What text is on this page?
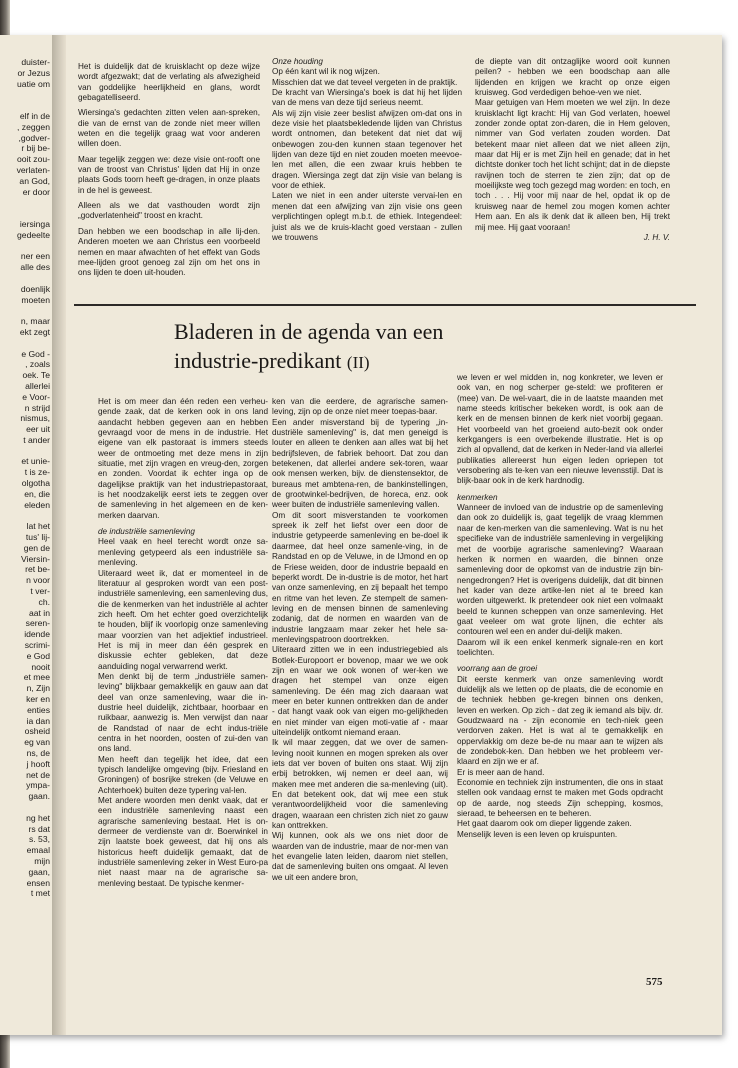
duister-
or Jezus
uatie om
elf in de
, zeggen
,godver-
r bij be-
ooit zou-
verlaten-
an God,
er door
iersinga
gedeelte
ner een
alle des
doenlijk
moeten
n, maar
ekt zegt
e God -
, zoals
oek. Te
allerlei
e Voor-
n strijd
nismus,
eer uit
t ander
et unie-
t is ze-
olgotha
en, die
eleden
lat het
tus' lij-
gen de
Viersin-
ret be-
n voor
t ver-
ch.
aat in
seren-
idende
scrimi-
e God
nooit
et mee
n, Zijn
ker en
enties
ia dan
osheid
eg van
ns, de
j hooft
net de
ympa-
gaan.
ng het
rs dat
s. 53,
emaal
mijn
gaan,
ensen
t met

Het is duidelijk dat de kruisklacht op deze wijze wordt afgezwakt; dat de verlating als afwezigheid van goddelijke heerlijkheid en glans, wordt gebagatelliseerd.

Wiersinga's gedachten zitten velen aan-spreken, die van de ernst van de zonde niet meer willen weten en die tegelijk graag wat voor anderen willen doen.

Maar tegelijk zeggen we: deze visie ont-rooft one van de troost van Christus' lijden dat Hij in onze plaats Gods toorn heeft ge-dragen, in onze plaats in de hel is geweest.

Alleen als we dat vasthouden wordt zijn „godverlatenheid" troost en kracht.

Dan hebben we een boodschap in alle lij-den. Anderen moeten we aan Christus een voorbeeld nemen en maar afwachten of het effekt van Gods mee-lijden groot genoeg zal zijn om het ons in ons lijden te doen uit-houden.

Onze houding

Op één kant wil ik nog wijzen.

Misschien dat we dat teveel vergeten in de praktijk.

De kracht van Wiersinga's boek is dat hij het lijden van de mens van deze tijd serieus neemt.

Als wij zijn visie zeer beslist afwijzen om-dat ons in deze visie het plaatsbekledende lijden van Christus wordt ontnomen, dan betekent dat niet dat wij onbewogen zou-den kunnen staan tegenover het lijden van deze tijd en niet zouden moeten meevoe-len met allen, die een zwaar kruis hebben te dragen. Wiersinga zegt dat zijn visie van belang is voor de ethiek.

Laten we niet in een ander uiterste vervai-len en menen dat een afwijzing van zijn visie ons geen verplichtingen oplegt m.b.t. de ethiek. Integendeel: juist als we de kruis-klacht goed verstaan - zullen we trouwens

de diepte van dit ontzaglijke woord ooit kunnen peilen? - hebben we een boodschap aan alle lijdenden en krijgen we kracht op onze eigen kruisweg. God verdedigen behoe-ven we niet.

Maar getuigen van Hem moeten we wel zijn. In deze kruisklacht ligt kracht: Hij van God verlaten, hoewel zonder zonde optat zon-daren, die in Hem geloven, nimmer van God verlaten zouden worden. Dat betekent maar niet alleen dat we niet alleen zijn, maar dat Hij er is met Zijn heil en genade; dat in het dichtste donker toch het licht schijnt; dat in de diepste ravijnen toch de sterren te zien zijn; dat op de moeilijkste weg toch gezegd mag worden: en toch, en toch . . . Hij voor mij naar de hel, opdat ik op de kruisweg naar de hemel zou mogen komen achter Hem aan. En als ik denk dat ik alleen ben, Hij trekt mij mee. Hij gaat vooraan!

J. H. V.

Bladeren in de agenda van een
industrie-predikant (II)

Het is om meer dan één reden een verheu-gende zaak, dat de kerken ook in ons land aandacht hebben gegeven aan en hebben gevraagd voor de mens in de industrie. Het eigene van elk pastoraat is immers steeds weer de ontmoeting met deze mens in zijn situatie, met zijn vragen en vreug-den, zorgen en zonden. Voordat ik echter inga op de dagelijkse praktijk van het industriepastoraat, is het noodzakelijk eerst iets te zeggen over de samenleving in het algemeen en de ken-merken daarvan.

de industriële samenleving

Heel vaak en heel terecht wordt onze sa-menleving getypeerd als een industriële sa-menleving.

Uiteraard weet ik, dat er momenteel in de literatuur al gesproken wordt van een post-industriële samenleving, een samenleving dus, die de kenmerken van het industriële al achter zich heeft. Om het echter goed overzichtelijk te houden, blijf ik voorlopig onze samenleving maar voorzien van het adjektief industrieel. Het is mij in meer dan één gesprek en diskussie echter gebleken, dat deze aanduiding nogal verwarrend werkt.

Men denkt bij de term „industriële samen-leving" blijkbaar gemakkelijk en gauw aan dat deel van onze samenleving, waar die in-dustrie heel duidelijk, zichtbaar, hoorbaar en ruikbaar, aanwezig is. Men verwijst dan naar de Randstad of naar de echt indus-triële centra in het noorden, oosten of zui-den van ons land.

Men heeft dan tegelijk het idee, dat een typisch landelijke omgeving (bijv. Friesland en Groningen) of bosrijke streken (de Veluwe en Achterhoek) buiten deze typering val-len.

Met andere woorden men denkt vaak, dat er een industriële samenleving naast een agrarische samenleving bestaat. Het is on-dermeer de verdienste van dr. Boerwinkel in zijn laatste boek geweest, dat hij ons als historicus heeft duidelijk gemaakt, dat de industriële samenleving zeker in West Euro-pa niet naast maar na de agrarische sa-menleving bestaat. De typische kenmer-

ken van die eerdere, de agrarische samen-leving, zijn op de onze niet meer toepas-baar.

Een ander misverstand bij de typering „in-dustriële samenleving" is, dat men geneigd is louter en alleen te denken aan alles wat bij het bedrijfsleven, de fabriek behoort. Dat zou dan betekenen, dat allerlei andere sek-toren, waar ook mensen werken, bijv. de dienstensektor, de bureaus met ambtena-ren, de bankinstellingen, de grootwinkel-bedrijven, de horeca, enz. ook weer buiten de industriële samenleving vallen.

Om dit soort misverstanden te voorkomen spreek ik zelf het liefst over een door de industrie getypeerde samenleving en be-doel ik daarmee, dat heel onze samenle-ving, in de Randstad en op de Veluwe, in de IJmond en op de Friese weiden, door de industrie bepaald en beperkt wordt. De in-dustrie is de motor, het hart van onze samenleving, en zij bepaalt het tempo en ritme van het leven. Ze stempelt de samen-leving en de mensen binnen de samenleving zodanig, dat de normen en waarden van de industrie langzaam maar zeker het hele sa-menlevingspatroon doortrekken.

Uiteraard zitten we in een industriegebied als Botlek-Europoort er bovenop, maar we we ook zijn en waar we ook wonen of wer-ken we dragen het stempel van onze eigen samenleving. De één mag zich daaraan wat meer en beter kunnen onttrekken dan de ander - dat hangt vaak ook van eigen mo-gelijkheden en niet minder van eigen moti-vatie af - maar uiteindelijk ontkomt niemand eraan.

Ik wil maar zeggen, dat we over de samen-leving nooit kunnen en mogen spreken als over iets dat ver boven of buiten ons staat. Wij zijn erbij betrokken, wij nemen er deel aan, wij maken mee met anderen die sa-menleving (uit). En dat betekent ook, dat wij mee een stuk verantwoordelijkheid voor die samenleving dragen, waaraan een christen zich niet zo gauw kan onttrekken.

Wij kunnen, ook als we ons niet door de waarden van de industrie, maar de nor-men van het evangelie laten leiden, daarom niet stellen, dat de samenleving buiten ons omgaat. Al leven we uit een andere bron,

we leven er wel midden in, nog konkreter, we leven er ook van, en nog scherper ge-steld: we profiteren er (mee) van. De wel-vaart, die in de laatste maanden met name steeds kritischer bekeken wordt, is ook aan de kerk en de mensen binnen de kerk niet voorbij gegaan. Het voorbeeld van het groeiend auto-bezit ook onder kerkgangers is een overbekende illustratie. Het is op zich al opvallend, dat de kerken in Neder-land via allerlei publikaties allereerst hun eigen leden opriepen tot versobering als te-ken van een nieuwe levensstijl. Dat is blijk-baar ook in de kerk hardnodig.

kenmerken

Wanneer de invloed van de industrie op de samenleving dan ook zo duidelijk is, gaat tegelijk de vraag klemmen naar de ken-merken van die samenleving. Wat is nu het specifieke van de industriële samenleving in vergelijking met de voorbije agrarische samenleving? Waaraan herken ik normen en waarden, die binnen onze samenleving door de opkomst van de industrie zijn bin-nengedrongen? Het is overigens duidelijk, dat dit binnen het kader van deze artike-len niet al te breed kan worden uitgewerkt. Ik pretendeer ook niet een volmaakt beeld te kunnen scheppen van onze samenleving. Het gaat veeleer om wat grote lijnen, die echter als contouren wel een en ander dui-delijk maken.

Daarom wil ik een enkel kenmerk signale-ren en kort toelichten.

voorrang aan de groei

Dit eerste kenmerk van onze samenleving wordt duidelijk als we letten op de plaats, die de economie en de techniek hebben ge-kregen binnen ons denken, leven en werken. Op zich - dat zeg ik iemand als bijv. dr. Goudzwaard na - zijn economie en tech-niek geen verdorven zaken. Het is wat al te gemakkelijk en oppervlakkig om deze be-de nu maar aan te wijzen als de zondebok-ken. Dan hebben we het probleem ver-klaard en zijn we er af.

Er is meer aan de hand.

Economie en techniek zijn instrumenten, die ons in staat stellen ook vandaag ernst te maken met Gods opdracht op de aarde, nog steeds Zijn schepping, kosmos, sieraad, te beheersen en te beheren.

Het gaat daarom ook om dieper liggende zaken.

Menselijk leven is een leven op kruispunten.

575
